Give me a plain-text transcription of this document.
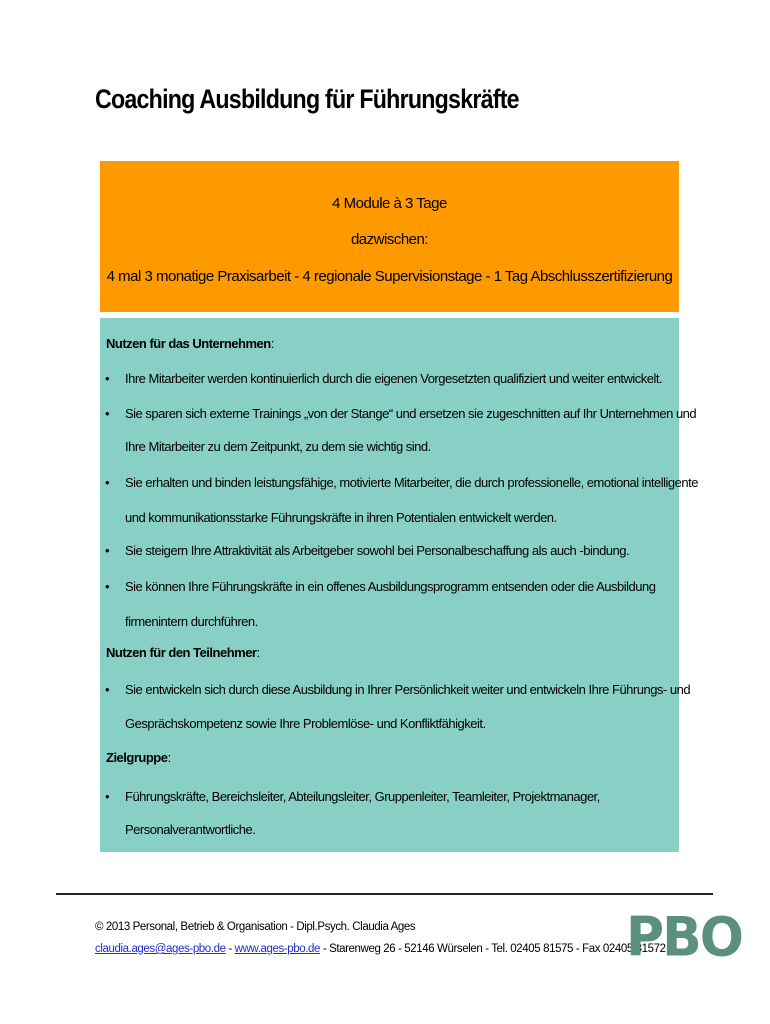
Coaching Ausbildung für Führungskräfte
4 Module à 3 Tage
dazwischen:
4 mal 3 monatige Praxisarbeit - 4 regionale Supervisionstage - 1 Tag Abschlusszertifizierung
Nutzen für das Unternehmen:
•	Ihre Mitarbeiter werden kontinuierlich durch die eigenen Vorgesetzten qualifiziert und weiter entwickelt.
•	Sie sparen sich externe Trainings „von der Stange“ und ersetzen sie zugeschnitten auf Ihr Unternehmen und
Ihre Mitarbeiter zu dem Zeitpunkt, zu dem sie wichtig sind.
•	Sie erhalten und binden leistungsfähige, motivierte Mitarbeiter, die durch professionelle, emotional intelligente
und kommunikationsstarke Führungskräfte in ihren Potentialen entwickelt werden.
•	Sie steigern Ihre Attraktivität als Arbeitgeber sowohl bei Personalbeschaffung als auch -bindung.
•	Sie können Ihre Führungskräfte in ein offenes Ausbildungsprogramm entsenden oder die Ausbildung
firmenintern durchführen.
Nutzen für den Teilnehmer:
•	Sie entwickeln sich durch diese Ausbildung in Ihrer Persönlichkeit weiter und entwickeln Ihre Führungs- und
Gesprächskompetenz sowie Ihre Problemlöse- und Konfliktfähigkeit.
Zielgruppe:
•	Führungskräfte, Bereichsleiter, Abteilungsleiter, Gruppenleiter, Teamleiter, Projektmanager,
Personalverantwortliche.
© 2013 Personal, Betrieb & Organisation - Dipl.Psych. Claudia Ages
claudia.ages@ages-pbo.de - www.ages-pbo.de - Starenweg 26 - 52146 Würselen - Tel. 02405 81575 - Fax 02405 81572
PBO
